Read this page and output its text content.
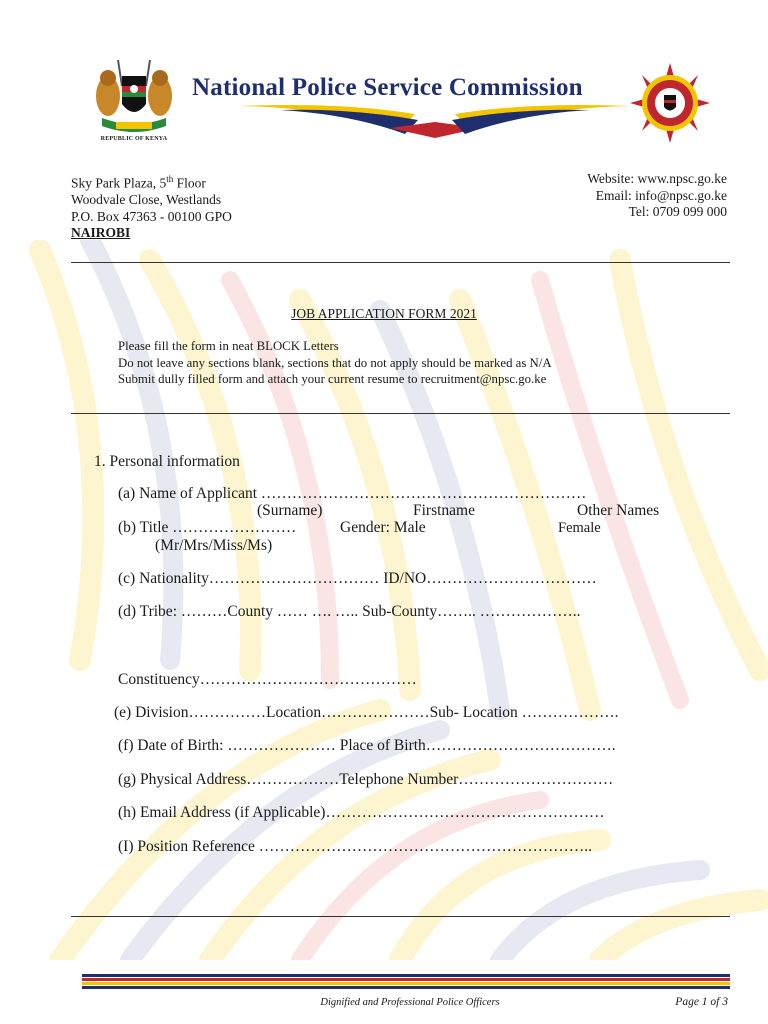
REPUBLIC OF KENYA
National Police Service Commission
Sky Park Plaza, 5th Floor
Woodvale Close, Westlands
P.O. Box 47363 - 00100 GPO
NAIROBI
Website: www.npsc.go.ke
Email: info@npsc.go.ke
Tel: 0709 099 000
JOB APPLICATION FORM 2021
Please fill the form in neat BLOCK Letters
Do not leave any sections blank, sections that do not apply should be marked as N/A
Submit dully filled form and attach your current resume to recruitment@npsc.go.ke
1. Personal information
(a) Name of Applicant ………………………………………………………
(Surname)	Firstname	Other Names
(b) Title ……………………	Gender: Male	Female
(Mr/Mrs/Miss/Ms)
(c) Nationality…………………………… ID/NO……………………………
(d) Tribe: ………County …… …. ….. Sub-County…….. ………………..
Constituency……………………………………
(e) Division……………Location…………………Sub- Location ……………….
(f) Date of Birth: ………………… Place of Birth……………………………….
(g) Physical Address………………Telephone Number…………………………
(h) Email Address (if Applicable)………………………………………………
(I) Position Reference ………………………………………………………..
Dignified and Professional Police Officers	Page 1 of 3
